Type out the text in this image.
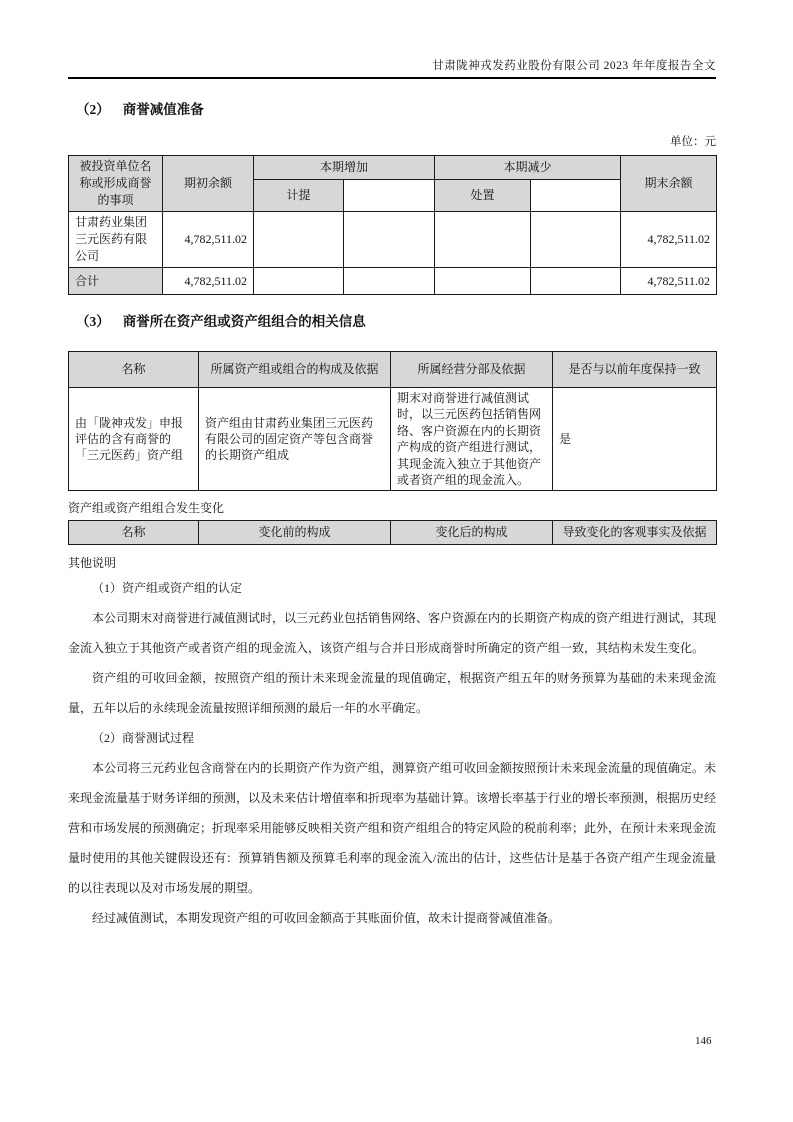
甘肃陇神戎发药业股份有限公司 2023 年年度报告全文
（2） 商誉减值准备
单位：元
被投资单位名称或形成商誉的事项	期初余额	本期增加		本期减少		期末余额
		计提		处置		
甘肃药业集团三元医药有限公司	4,782,511.02					4,782,511.02
合计	4,782,511.02					4,782,511.02
（3） 商誉所在资产组或资产组组合的相关信息
名称	所属资产组或组合的构成及依据	所属经营分部及依据	是否与以前年度保持一致
由「陇神戎发」申报评估的含有商誉的「三元医药」资产组	资产组由甘肃药业集团三元医药有限公司的固定资产等包含商誉的长期资产组成	期末对商誉进行减值测试时，以三元医药包括销售网络、客户资源在内的长期资产构成的资产组进行测试，其现金流入独立于其他资产或者资产组的现金流入。	是
资产组或资产组组合发生变化
名称	变化前的构成	变化后的构成	导致变化的客观事实及依据
其他说明

（1）资产组或资产组的认定

本公司期末对商誉进行减值测试时，以三元药业包括销售网络、客户资源在内的长期资产构成的资产组进行测试，其现金流入独立于其他资产或者资产组的现金流入，该资产组与合并日形成商誉时所确定的资产组一致，其结构未发生变化。

资产组的可收回金额，按照资产组的预计未来现金流量的现值确定，根据资产组五年的财务预算为基础的未来现金流量，五年以后的永续现金流量按照详细预测的最后一年的水平确定。

（2）商誉测试过程

本公司将三元药业包含商誉在内的长期资产作为资产组，测算资产组可收回金额按照预计未来现金流量的现值确定。未来现金流量基于财务详细的预测，以及未来估计增值率和折现率为基础计算。该增长率基于行业的增长率预测，根据历史经营和市场发展的预测确定；折现率采用能够反映相关资产组和资产组组合的特定风险的税前利率；此外，在预计未来现金流量时使用的其他关键假设还有：预算销售额及预算毛利率的现金流入/流出的估计，这些估计是基于各资产组产生现金流量的以往表现以及对市场发展的期望。

经过减值测试，本期发现资产组的可收回金额高于其账面价值，故未计提商誉减值准备。

146
